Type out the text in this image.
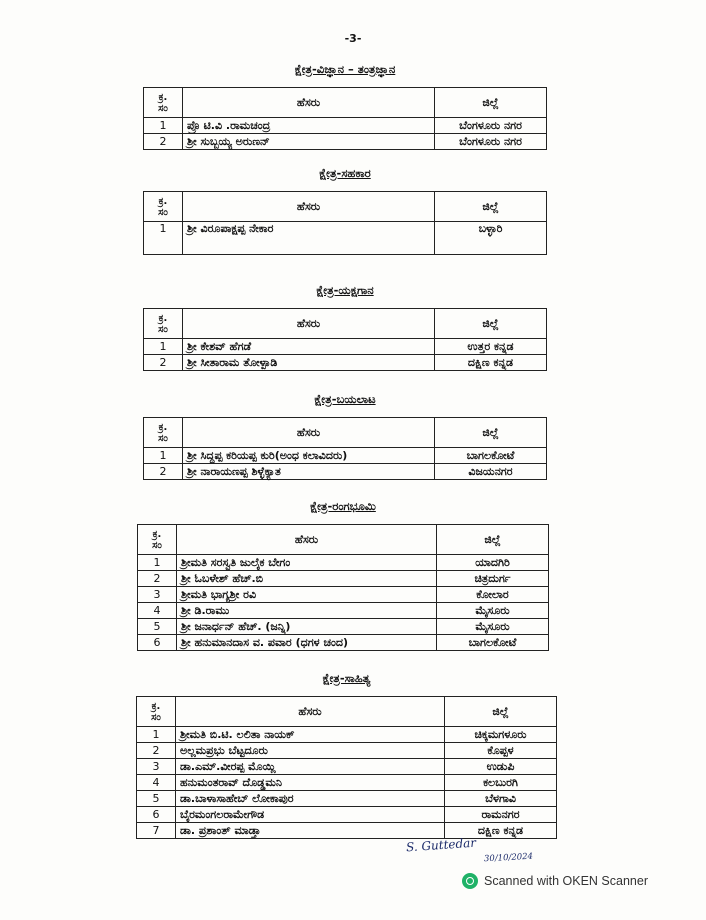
-3-
ಕ್ಷೇತ್ರ-ವಿಜ್ಞಾನ – ತಂತ್ರಜ್ಞಾನ
ಕ್ರ.
ಸಂ	ಹೆಸರು	ಜಿಲ್ಲೆ
1	ಪ್ರೊ ಟಿ.ವಿ .ರಾಮಚಂದ್ರ	ಬೆಂಗಳೂರು ನಗರ
2	ಶ್ರೀ ಸುಬ್ಬಯ್ಯ ಅರುಣನ್	ಬೆಂಗಳೂರು ನಗರ
ಕ್ಷೇತ್ರ-ಸಹಕಾರ
ಕ್ರ.
ಸಂ	ಹೆಸರು	ಜಿಲ್ಲೆ
1	ಶ್ರೀ ವಿರೂಪಾಕ್ಷಪ್ಪ ನೇಕಾರ	ಬಳ್ಳಾರಿ
ಕ್ಷೇತ್ರ-ಯಕ್ಷಗಾನ
ಕ್ರ.
ಸಂ	ಹೆಸರು	ಜಿಲ್ಲೆ
1	ಶ್ರೀ ಕೇಶವ್ ಹೆಗಡೆ	ಉತ್ತರ ಕನ್ನಡ
2	ಶ್ರೀ ಸೀತಾರಾಮ ತೋಳ್ಪಾಡಿ	ದಕ್ಷಿಣ ಕನ್ನಡ
ಕ್ಷೇತ್ರ-ಬಯಲಾಟ
ಕ್ರ.
ಸಂ	ಹೆಸರು	ಜಿಲ್ಲೆ
1	ಶ್ರೀ ಸಿದ್ದಪ್ಪ ಕರಿಯಪ್ಪ ಕುರಿ(ಅಂಧ ಕಲಾವಿದರು)	ಬಾಗಲಕೋಟೆ
2	ಶ್ರೀ ನಾರಾಯಣಪ್ಪ ಶಿಳ್ಳೆಕ್ಯಾತ	ವಿಜಯನಗರ
ಕ್ಷೇತ್ರ-ರಂಗಭೂಮಿ
ಕ್ರ.
ಸಂ	ಹೆಸರು	ಜಿಲ್ಲೆ
1	ಶ್ರೀಮತಿ ಸರಸ್ವತಿ ಜುಲೈಕ ಬೇಗಂ	ಯಾದಗಿರಿ
2	ಶ್ರೀ ಓಬಳೇಶ್ ಹೆಚ್.ಬಿ	ಚಿತ್ರದುರ್ಗ
3	ಶ್ರೀಮತಿ ಭಾಗ್ಯಶ್ರೀ ರವಿ	ಕೋಲಾರ
4	ಶ್ರೀ ಡಿ.ರಾಮು	ಮೈಸೂರು
5	ಶ್ರೀ ಜನಾರ್ಧನ್ ಹೆಚ್. (ಜನ್ನಿ)	ಮೈಸೂರು
6	ಶ್ರೀ ಹನುಮಾನದಾಸ ವ. ಪವಾರ (ಧಗಳ ಚಂದ)	ಬಾಗಲಕೋಟೆ
ಕ್ಷೇತ್ರ-ಸಾಹಿತ್ಯ
ಕ್ರ.
ಸಂ	ಹೆಸರು	ಜಿಲ್ಲೆ
1	ಶ್ರೀಮತಿ ಬಿ.ಟಿ. ಲಲಿತಾ ನಾಯಕ್	ಚಿಕ್ಕಮಗಳೂರು
2	ಅಲ್ಲಮಪ್ರಭು ಬೆಟ್ಟದೂರು	ಕೊಪ್ಪಳ
3	ಡಾ.ಎಮ್.ವೀರಪ್ಪ ಮೊಯ್ಲಿ	ಉಡುಪಿ
4	ಹನುಮಂತರಾವ್ ದೊಡ್ಡಮನಿ	ಕಲಬುರಗಿ
5	ಡಾ.ಬಾಳಾಸಾಹೇಬ್ ಲೋಕಾಪುರ	ಬೆಳಗಾವಿ
6	ಬೈರಮಂಗಲರಾಮೇಗೌಡ	ರಾಮನಗರ
7	ಡಾ. ಪ್ರಶಾಂತ್ ಮಾಡ್ತಾ	ದಕ್ಷಿಣ ಕನ್ನಡ
S. Guttedar
30/10/2024
Scanned with OKEN Scanner
